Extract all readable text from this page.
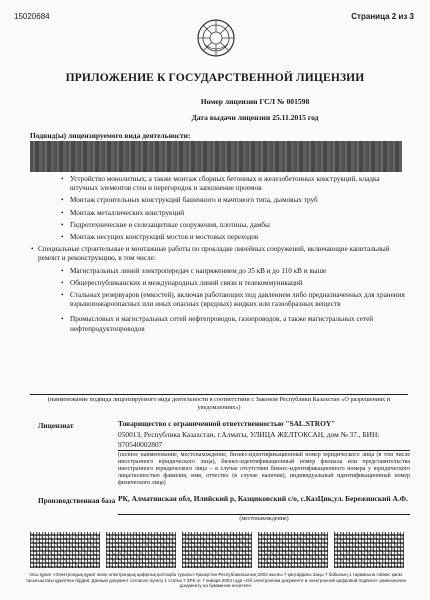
15020684	Страница 2 из 3
ПРИЛОЖЕНИЕ К ГОСУДАРСТВЕННОЙ ЛИЦЕНЗИИ
Номер лицензии ГСЛ № 001598
Дата выдачи лицензии 25.11.2015 год
Подвид(ы) лицензируемого вида деятельности:
• Устройство монолитных, а также монтаж сборных бетонных и железобетонных конструкций, кладка штучных элементов стен и перегородок и заполнение проемов
• Монтаж строительных конструкций башенного и мачтового типа, дымовых труб
• Монтаж металлических конструкций
• Гидротехнические и селезащитные сооружения, плотины, дамбы
• Монтаж несущих конструкций мостов и мостовых переходов
• Специальные строительные и монтажные работы по прокладке линейных сооружений, включающие капитальный ремонт и реконструкцию, в том числе:
• Магистральных линий электропередач с напряжением до 35 кВ и до 110 кВ и выше
• Общереспубликанских и международных линий связи и телекоммуникаций
• Стальных резервуаров (емкостей), включая работающих под давлением либо предназначенных для хранения взрывопожароопасных или иных опасных (вредных) жидких или газообразных веществ
• Промысловых и магистральных сетей нефтепроводов, газопроводов, а также магистральных сетей нефтепродуктопроводов
(наименование подвида лицензируемого вида деятельности в соответствии с Законом Республики Казахстан «О разрешениях и уведомлениях»)
Лицензиат	Товарищество с ограниченной ответственностью "SAL.STROY"
050013, Республика Казахстан, г.Алматы, УЛИЦА ЖЕЛТОКСАН, дом № 37., БИН: 970540002807
(полное наименование, местонахождение, бизнес-идентификационный номер юридического лица (в том числе иностранного юридического лица), бизнес-идентификационный номер филиала или представительства иностранного юридического лица – в случае отсутствия бизнес-идентификационного номера у юридического лица/полностью фамилия, имя, отчество (в случае наличия), индивидуальный идентификационный номер физического лица)
Производственная база РК, Алматинская обл, Илийский р, Казциковский с/о, с.КазЦик,ул. Бережинский А.Ф.
(местонахождение)
Осы құжат «Электрондық құжат және электрондық цифрлық қолтаңба туралы» Қазақстан Республикасының 2003 жылғы 7 қаңтардағы Заңы 7 бабының 1 тармағына сәйкес қағаз тасығыштағы құжатпен бірдей. Данный документ согласно пункту 1 статьи 7 ЗРК от 7 января 2003 года «Об электронном документе и электронной цифровой подписи» равнозначен документу на бумажном носителе.
